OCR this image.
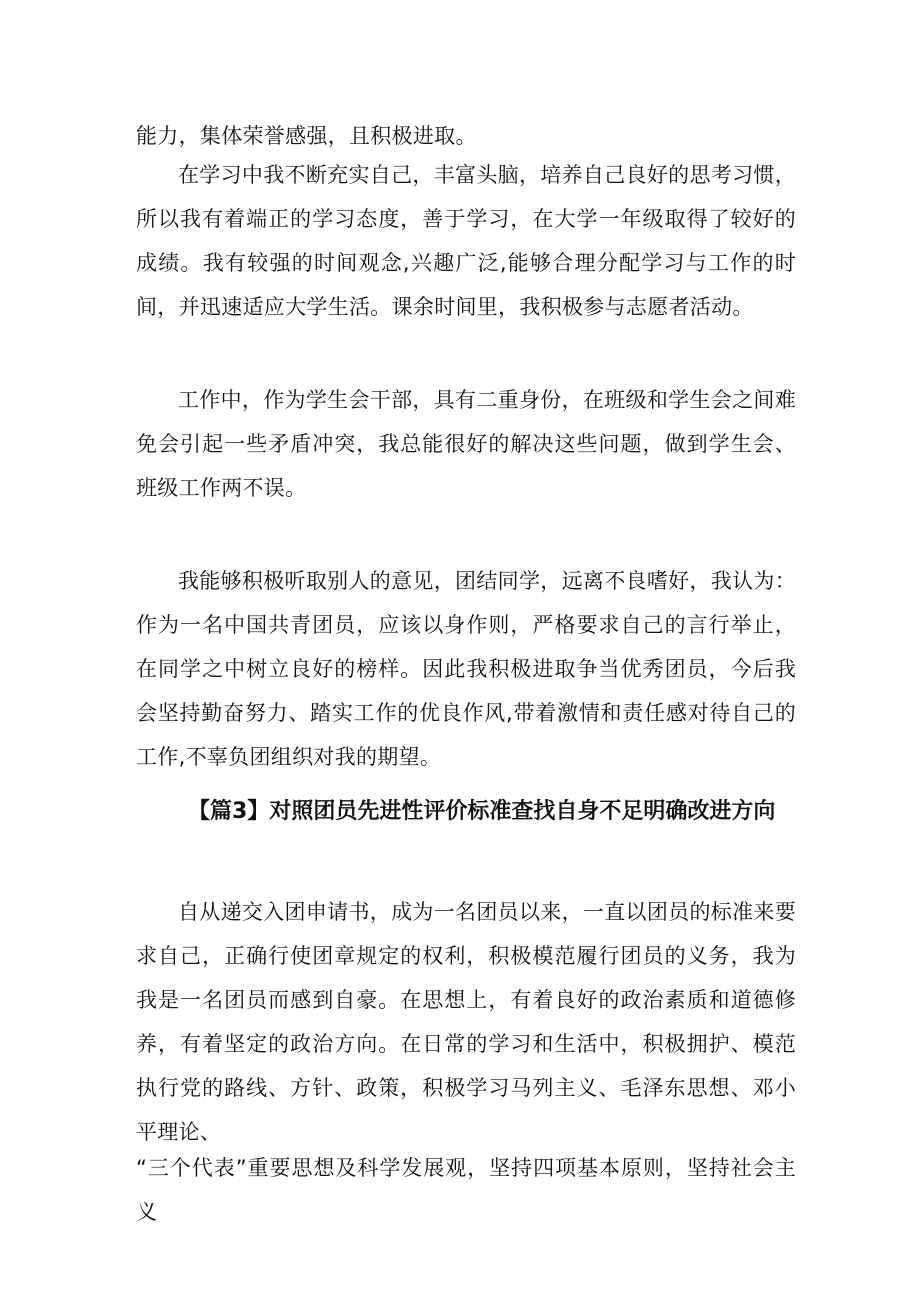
能力，集体荣誉感强，且积极进取。

在学习中我不断充实自己，丰富头脑，培养自己良好的思考习惯，所以我有着端正的学习态度，善于学习，在大学一年级取得了较好的成绩。我有较强的时间观念,兴趣广泛,能够合理分配学习与工作的时间，并迅速适应大学生活。课余时间里，我积极参与志愿者活动。

工作中，作为学生会干部，具有二重身份，在班级和学生会之间难免会引起一些矛盾冲突，我总能很好的解决这些问题，做到学生会、班级工作两不误。

我能够积极听取别人的意见，团结同学，远离不良嗜好，我认为：作为一名中国共青团员，应该以身作则，严格要求自己的言行举止，在同学之中树立良好的榜样。因此我积极进取争当优秀团员，今后我会坚持勤奋努力、踏实工作的优良作风,带着激情和责任感对待自己的工作,不辜负团组织对我的期望。

【篇3】对照团员先进性评价标准查找自身不足明确改进方向

自从递交入团申请书，成为一名团员以来，一直以团员的标准来要求自己，正确行使团章规定的权利，积极模范履行团员的义务，我为我是一名团员而感到自豪。在思想上，有着良好的政治素质和道德修养，有着坚定的政治方向。在日常的学习和生活中，积极拥护、模范执行党的路线、方针、政策，积极学习马列主义、毛泽东思想、邓小平理论、

“三个代表”重要思想及科学发展观，坚持四项基本原则，坚持社会主义
